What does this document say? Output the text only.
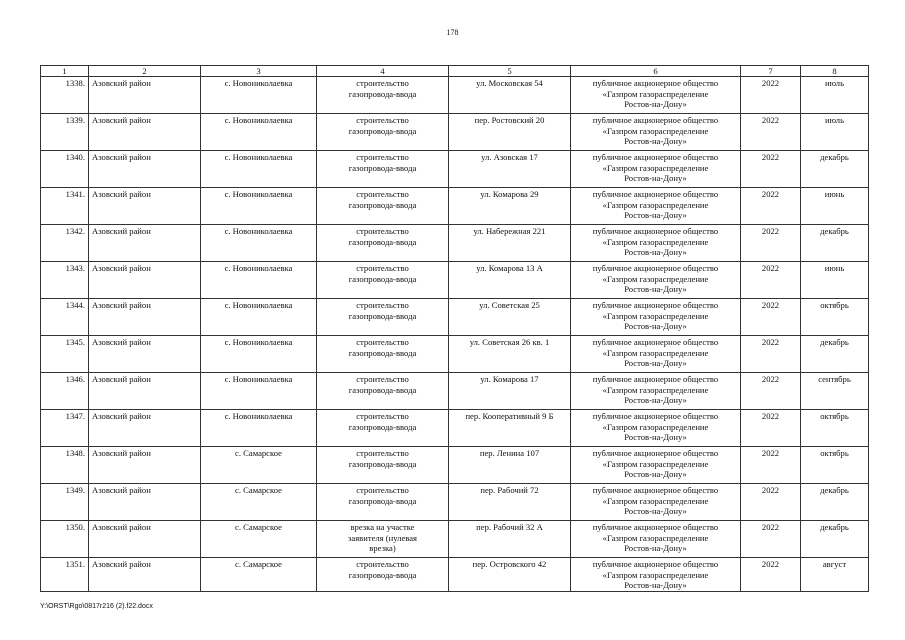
178
1	2	3	4	5	6	7	8
1338.	Азовский район	с. Новониколаевка	строительство
газопровода-ввода	ул. Московская 54	публичное акционерное общество
«Газпром газораспределение
Ростов-на-Дону»	2022	июль
1339.	Азовский район	с. Новониколаевка	строительство
газопровода-ввода	пер. Ростовский 20	публичное акционерное общество
«Газпром газораспределение
Ростов-на-Дону»	2022	июль
1340.	Азовский район	с. Новониколаевка	строительство
газопровода-ввода	ул. Азовская 17	публичное акционерное общество
«Газпром газораспределение
Ростов-на-Дону»	2022	декабрь
1341.	Азовский район	с. Новониколаевка	строительство
газопровода-ввода	ул. Комарова 29	публичное акционерное общество
«Газпром газораспределение
Ростов-на-Дону»	2022	июнь
1342.	Азовский район	с. Новониколаевка	строительство
газопровода-ввода	ул. Набережная 221	публичное акционерное общество
«Газпром газораспределение
Ростов-на-Дону»	2022	декабрь
1343.	Азовский район	с. Новониколаевка	строительство
газопровода-ввода	ул. Комарова 13 А	публичное акционерное общество
«Газпром газораспределение
Ростов-на-Дону»	2022	июнь
1344.	Азовский район	с. Новониколаевка	строительство
газопровода-ввода	ул. Советская 25	публичное акционерное общество
«Газпром газораспределение
Ростов-на-Дону»	2022	октябрь
1345.	Азовский район	с. Новониколаевка	строительство
газопровода-ввода	ул. Советская 26 кв. 1	публичное акционерное общество
«Газпром газораспределение
Ростов-на-Дону»	2022	декабрь
1346.	Азовский район	с. Новониколаевка	строительство
газопровода-ввода	ул. Комарова 17	публичное акционерное общество
«Газпром газораспределение
Ростов-на-Дону»	2022	сентябрь
1347.	Азовский район	с. Новониколаевка	строительство
газопровода-ввода	пер. Кооперативный 9 Б	публичное акционерное общество
«Газпром газораспределение
Ростов-на-Дону»	2022	октябрь
1348.	Азовский район	с. Самарское	строительство
газопровода-ввода	пер. Ленина 107	публичное акционерное общество
«Газпром газораспределение
Ростов-на-Дону»	2022	октябрь
1349.	Азовский район	с. Самарское	строительство
газопровода-ввода	пер. Рабочий 72	публичное акционерное общество
«Газпром газораспределение
Ростов-на-Дону»	2022	декабрь
1350.	Азовский район	с. Самарское	врезка на участке
заявителя (нулевая
врезка)	пер. Рабочий 32 А	публичное акционерное общество
«Газпром газораспределение
Ростов-на-Дону»	2022	декабрь
1351.	Азовский район	с. Самарское	строительство
газопровода-ввода	пер. Островского 42	публичное акционерное общество
«Газпром газораспределение
Ростов-на-Дону»	2022	август
Y:\ORST\Rgo\0817r216 (2).f22.docx
